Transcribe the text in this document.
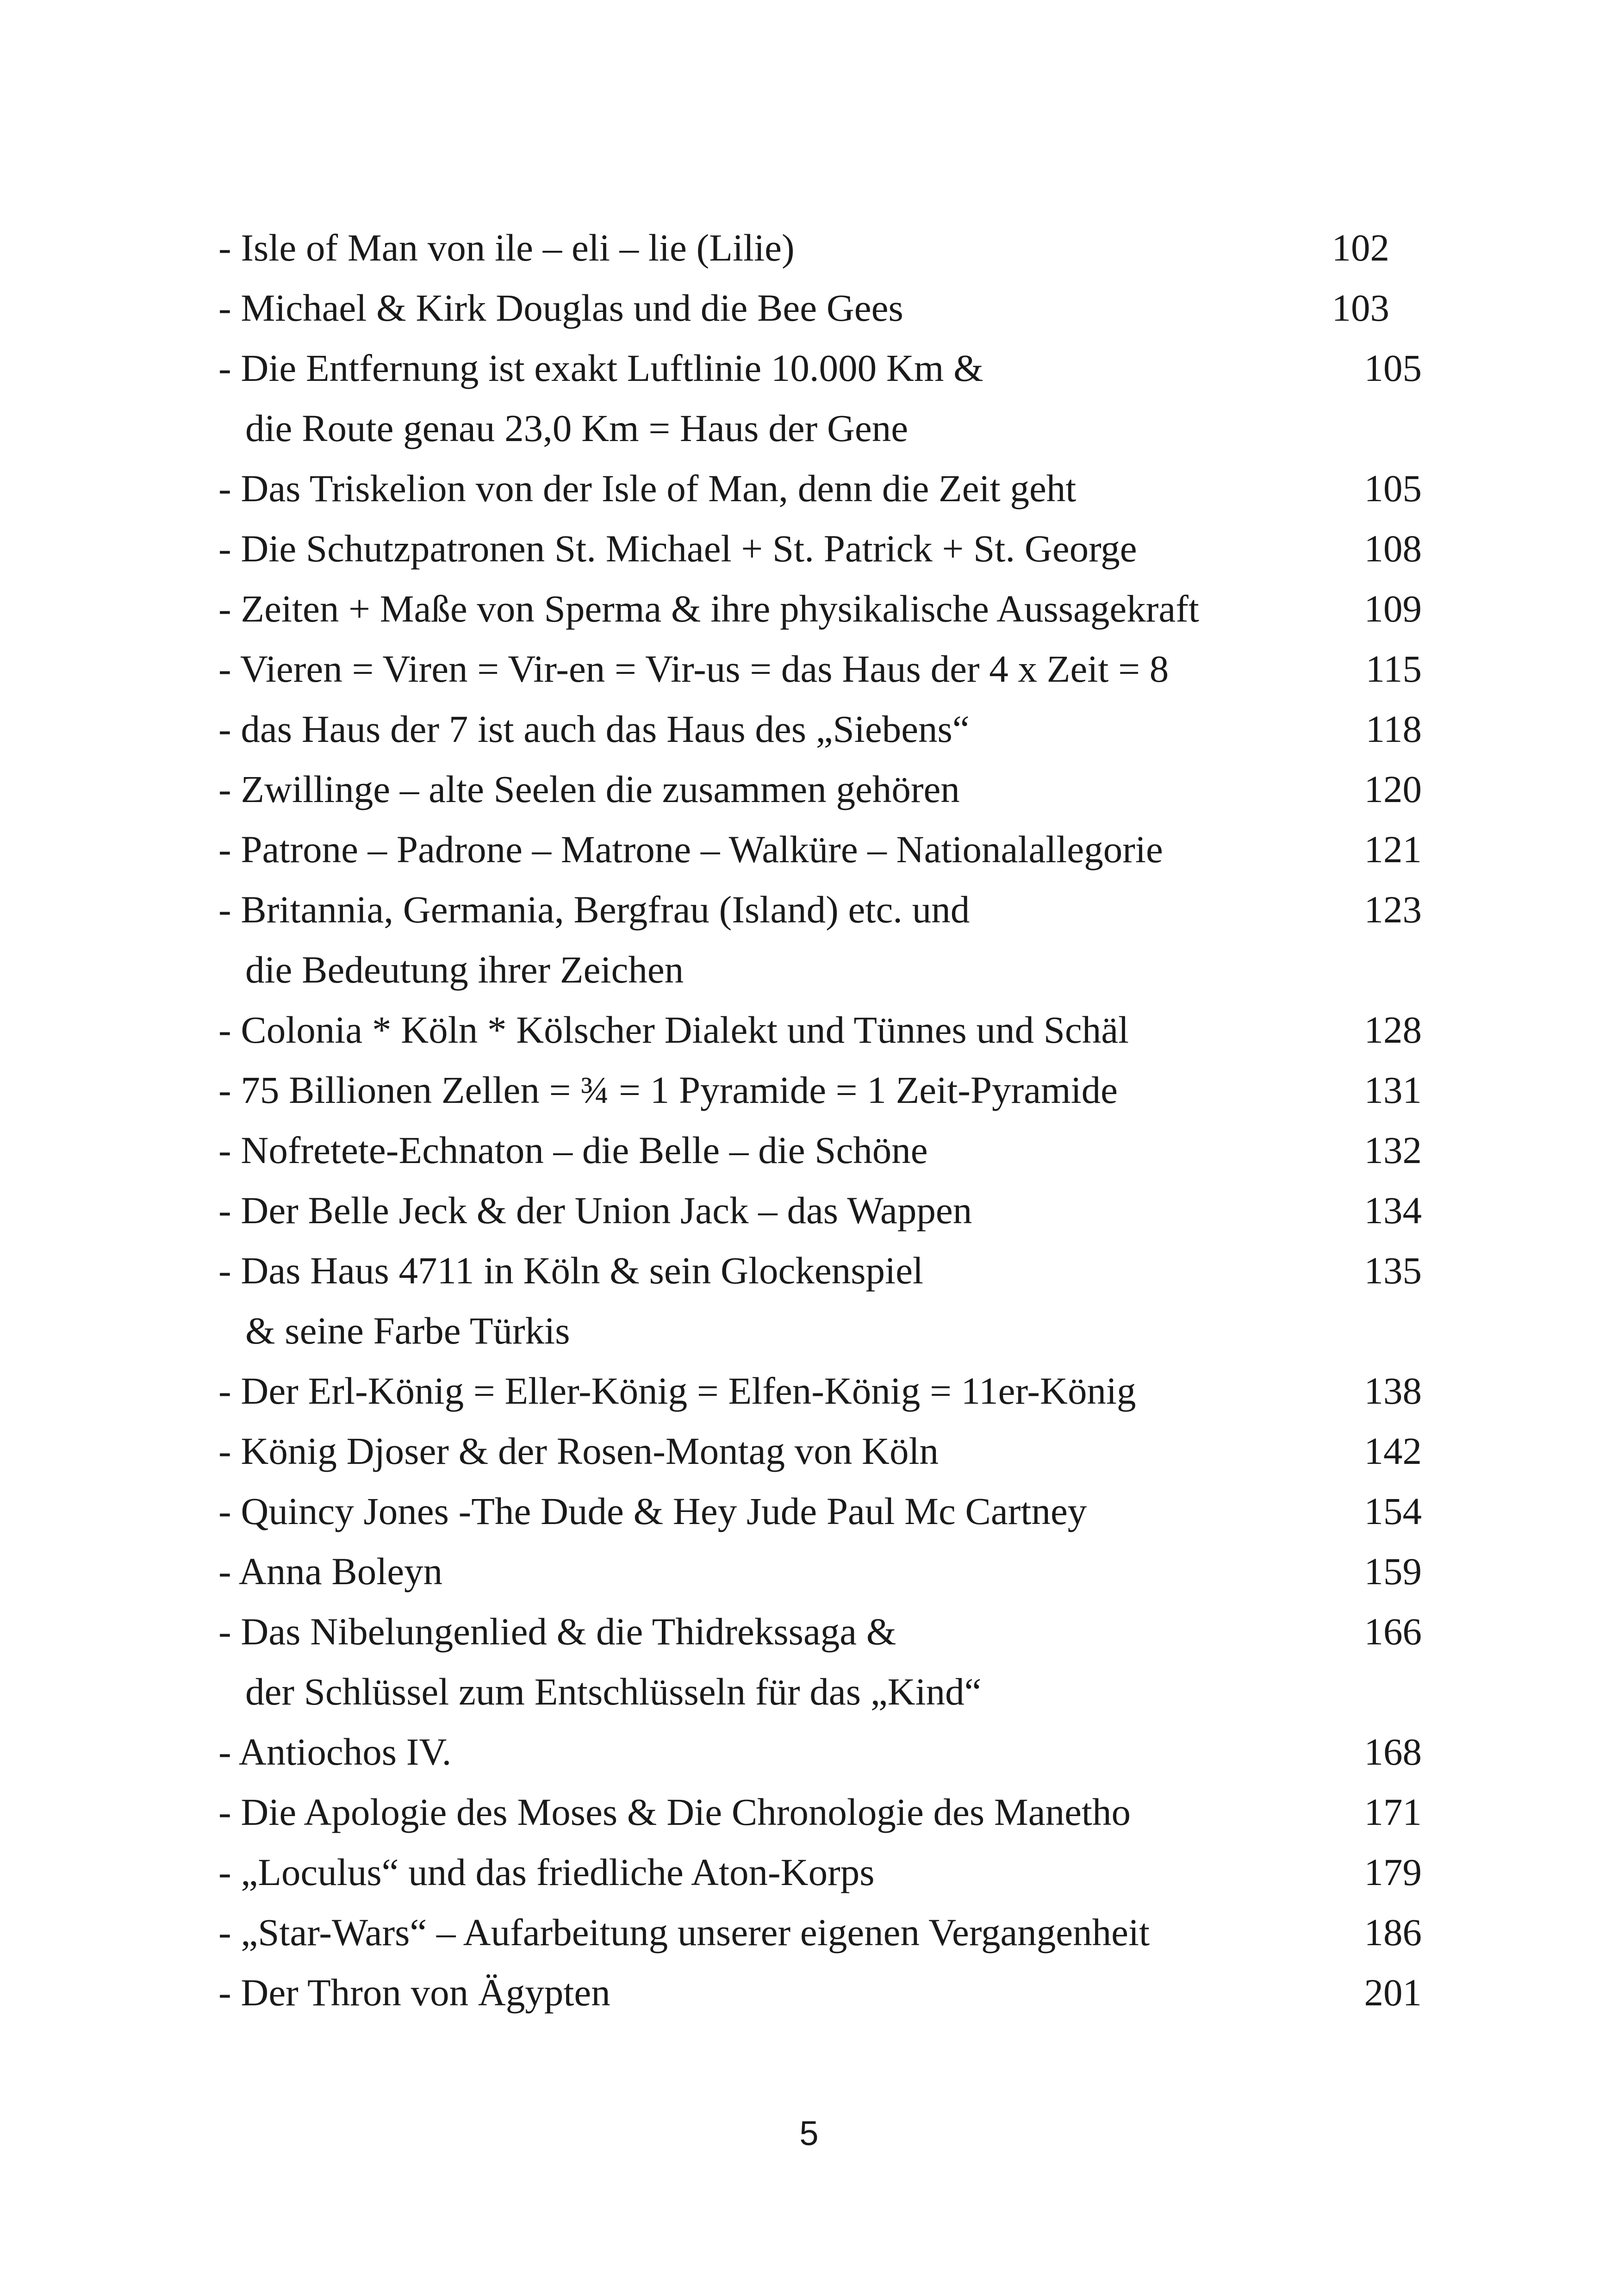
- Isle of Man von ile – eli – lie (Lilie)	102
- Michael & Kirk Douglas und die Bee Gees	103
- Die Entfernung ist exakt Luftlinie 10.000 Km &	105
die Route genau 23,0 Km = Haus der Gene
- Das Triskelion von der Isle of Man, denn die Zeit geht	105
- Die Schutzpatronen St. Michael + St. Patrick + St. George	108
- Zeiten + Maße von Sperma & ihre physikalische Aussagekraft	109
- Vieren = Viren = Vir-en = Vir-us = das Haus der 4 x Zeit = 8	115
- das Haus der 7 ist auch das Haus des „Siebens“	118
- Zwillinge – alte Seelen die zusammen gehören	120
- Patrone – Padrone – Matrone – Walküre – Nationalallegorie	121
- Britannia, Germania, Bergfrau (Island) etc. und	123
die Bedeutung ihrer Zeichen
- Colonia * Köln * Kölscher Dialekt und Tünnes und Schäl	128
- 75 Billionen Zellen = ¾ = 1 Pyramide = 1 Zeit-Pyramide	131
- Nofretete-Echnaton – die Belle – die Schöne	132
- Der Belle Jeck & der Union Jack – das Wappen	134
- Das Haus 4711 in Köln & sein Glockenspiel	135
& seine Farbe Türkis
- Der Erl-König = Eller-König = Elfen-König = 11er-König	138
- König Djoser & der Rosen-Montag von Köln	142
- Quincy Jones -The Dude & Hey Jude Paul Mc Cartney	154
- Anna Boleyn	159
- Das Nibelungenlied & die Thidrekssaga &	166
der Schlüssel zum Entschlüsseln für das „Kind“
- Antiochos IV.	168
- Die Apologie des Moses & Die Chronologie des Manetho	171
- „Loculus“ und das friedliche Aton-Korps	179
- „Star-Wars“ – Aufarbeitung unserer eigenen Vergangenheit	186
- Der Thron von Ägypten	201
5
